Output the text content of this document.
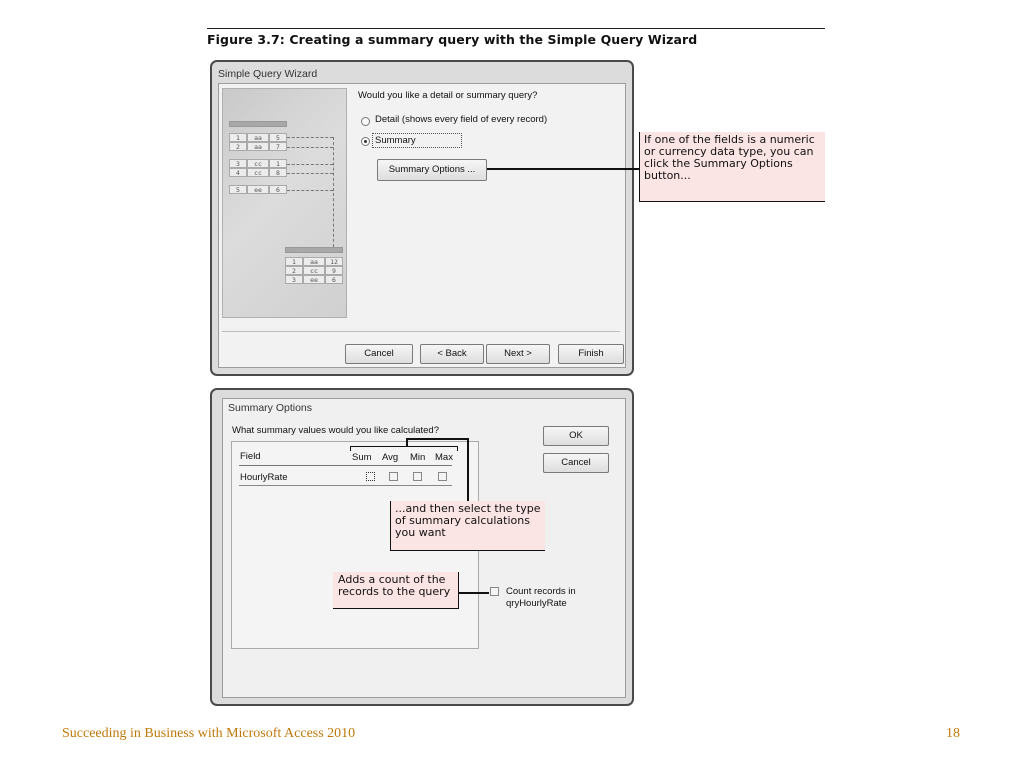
Figure 3.7: Creating a summary query with the Simple Query Wizard
Simple Query Wizard
1	aa	5
2	aa	7
3	cc	1
4	cc	8
5	ee	6
1	aa	12
2	cc	9
3	ee	6
Would you like a detail or summary query?
Detail (shows every field of every record)
Summary
Summary Options ...
Cancel	< Back	Next >	Finish
If one of the fields is a numeric
or currency data type, you can
click the Summary Options
button...
Summary Options
What summary values would you like calculated?	OK
Cancel
Field	Sum Avg Min Max
HourlyRate
...and then select the type
of summary calculations
you want
Count records in
qryHourlyRate
Adds a count of the
records to the query
Succeeding in Business with Microsoft Access 2010	18
